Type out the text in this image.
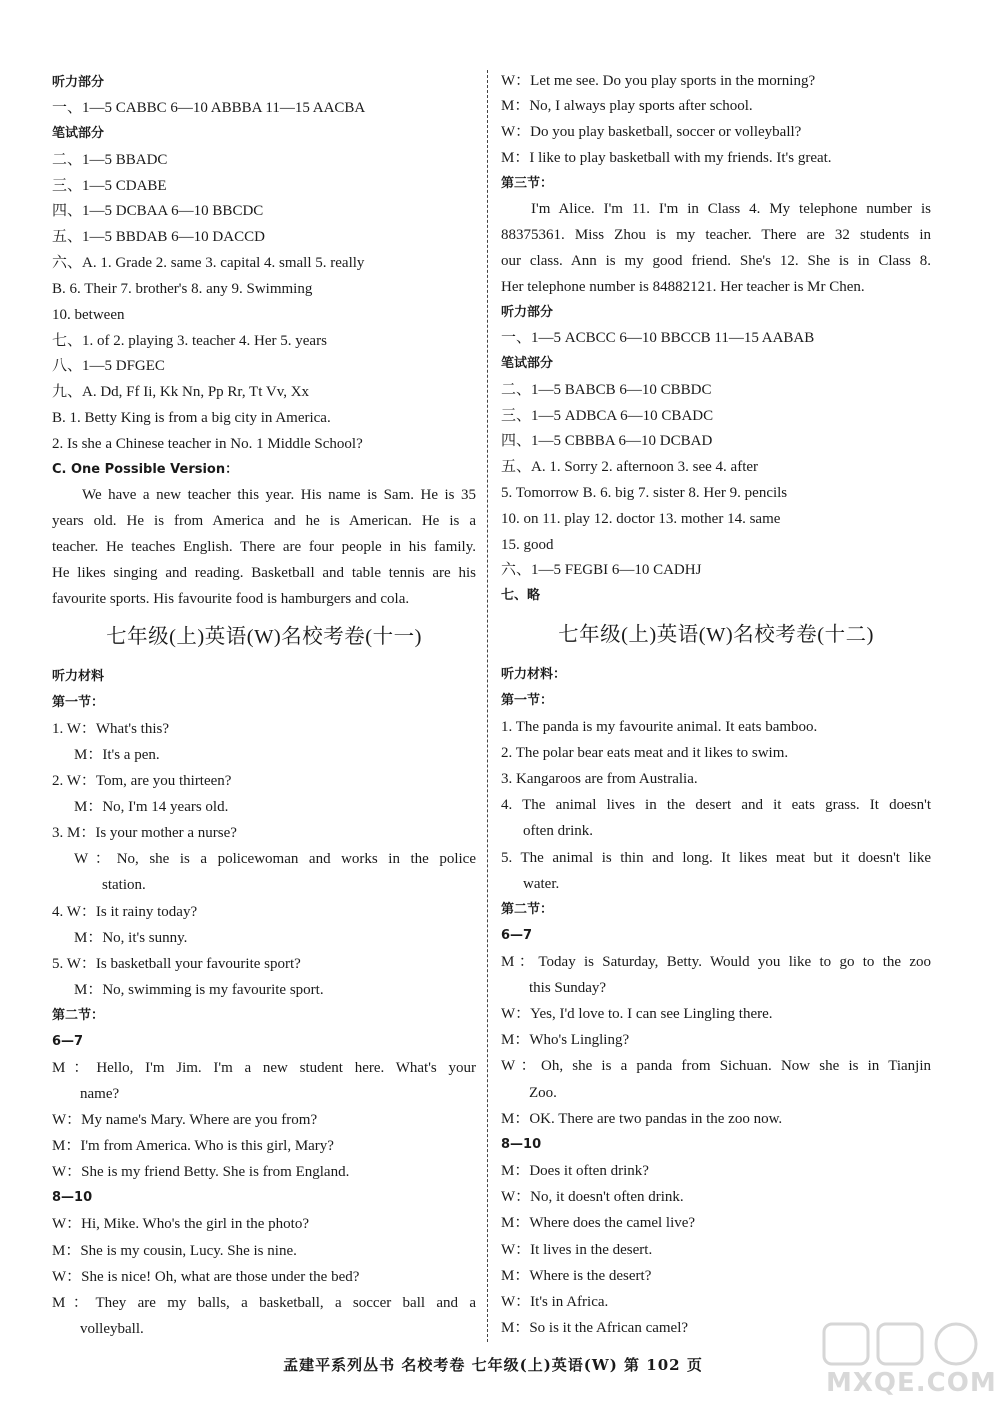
听力部分
一、1—5 CABBC 6—10 ABBBA 11—15 AACBA
笔试部分
二、1—5 BBADC
三、1—5 CDABE
四、1—5 DCBAA 6—10 BBCDC
五、1—5 BBDAB 6—10 DACCD
六、A. 1. Grade 2. same 3. capital 4. small 5. really
B. 6. Their 7. brother's 8. any 9. Swimming
10. between
七、1. of 2. playing 3. teacher 4. Her 5. years
八、1—5 DFGEC
九、A. Dd, Ff Ii, Kk Nn, Pp Rr, Tt Vv, Xx
B. 1. Betty King is from a big city in America.
2. Is she a Chinese teacher in No. 1 Middle School?
C. One Possible Version：
We have a new teacher this year. His name is Sam. He is 35
years old. He is from America and he is American. He is a
teacher. He teaches English. There are four people in his family.
He likes singing and reading. Basketball and table tennis are his
favourite sports. His favourite food is hamburgers and cola.
七年级(上)英语(W)名校考卷(十一)
听力材料
第一节：
1. W：What's this?
M：It's a pen.
2. W：Tom, are you thirteen?
M：No, I'm 14 years old.
3. M：Is your mother a nurse?
W：No, she is a policewoman and works in the police
station.
4. W：Is it rainy today?
M：No, it's sunny.
5. W：Is basketball your favourite sport?
M：No, swimming is my favourite sport.
第二节：
6—7
M：Hello, I'm Jim. I'm a new student here. What's your
name?
W：My name's Mary. Where are you from?
M：I'm from America. Who is this girl, Mary?
W：She is my friend Betty. She is from England.
8—10
W：Hi, Mike. Who's the girl in the photo?
M：She is my cousin, Lucy. She is nine.
W：She is nice! Oh, what are those under the bed?
M：They are my balls, a basketball, a soccer ball and a
volleyball.
W：Let me see. Do you play sports in the morning?
M：No, I always play sports after school.
W：Do you play basketball, soccer or volleyball?
M：I like to play basketball with my friends. It's great.
第三节：
I'm Alice. I'm 11. I'm in Class 4. My telephone number is
88375361. Miss Zhou is my teacher. There are 32 students in
our class. Ann is my good friend. She's 12. She is in Class 8.
Her telephone number is 84882121. Her teacher is Mr Chen.
听力部分
一、1—5 ACBCC 6—10 BBCCB 11—15 AABAB
笔试部分
二、1—5 BABCB 6—10 CBBDC
三、1—5 ADBCA 6—10 CBADC
四、1—5 CBBBA 6—10 DCBAD
五、A. 1. Sorry 2. afternoon 3. see 4. after
5. Tomorrow B. 6. big 7. sister 8. Her 9. pencils
10. on 11. play 12. doctor 13. mother 14. same
15. good
六、1—5 FEGBI 6—10 CADHJ
七、略
七年级(上)英语(W)名校考卷(十二)
听力材料：
第一节：
1. The panda is my favourite animal. It eats bamboo.
2. The polar bear eats meat and it likes to swim.
3. Kangaroos are from Australia.
4. The animal lives in the desert and it eats grass. It doesn't
often drink.
5. The animal is thin and long. It likes meat but it doesn't like
water.
第二节：
6—7
M：Today is Saturday, Betty. Would you like to go to the zoo
this Sunday?
W：Yes, I'd love to. I can see Lingling there.
M：Who's Lingling?
W：Oh, she is a panda from Sichuan. Now she is in Tianjin
Zoo.
M：OK. There are two pandas in the zoo now.
8—10
M：Does it often drink?
W：No, it doesn't often drink.
M：Where does the camel live?
W：It lives in the desert.
M：Where is the desert?
W：It's in Africa.
M：So is it the African camel?
孟建平系列丛书 名校考卷 七年级(上)英语(W) 第 102 页
MXQE.COM
